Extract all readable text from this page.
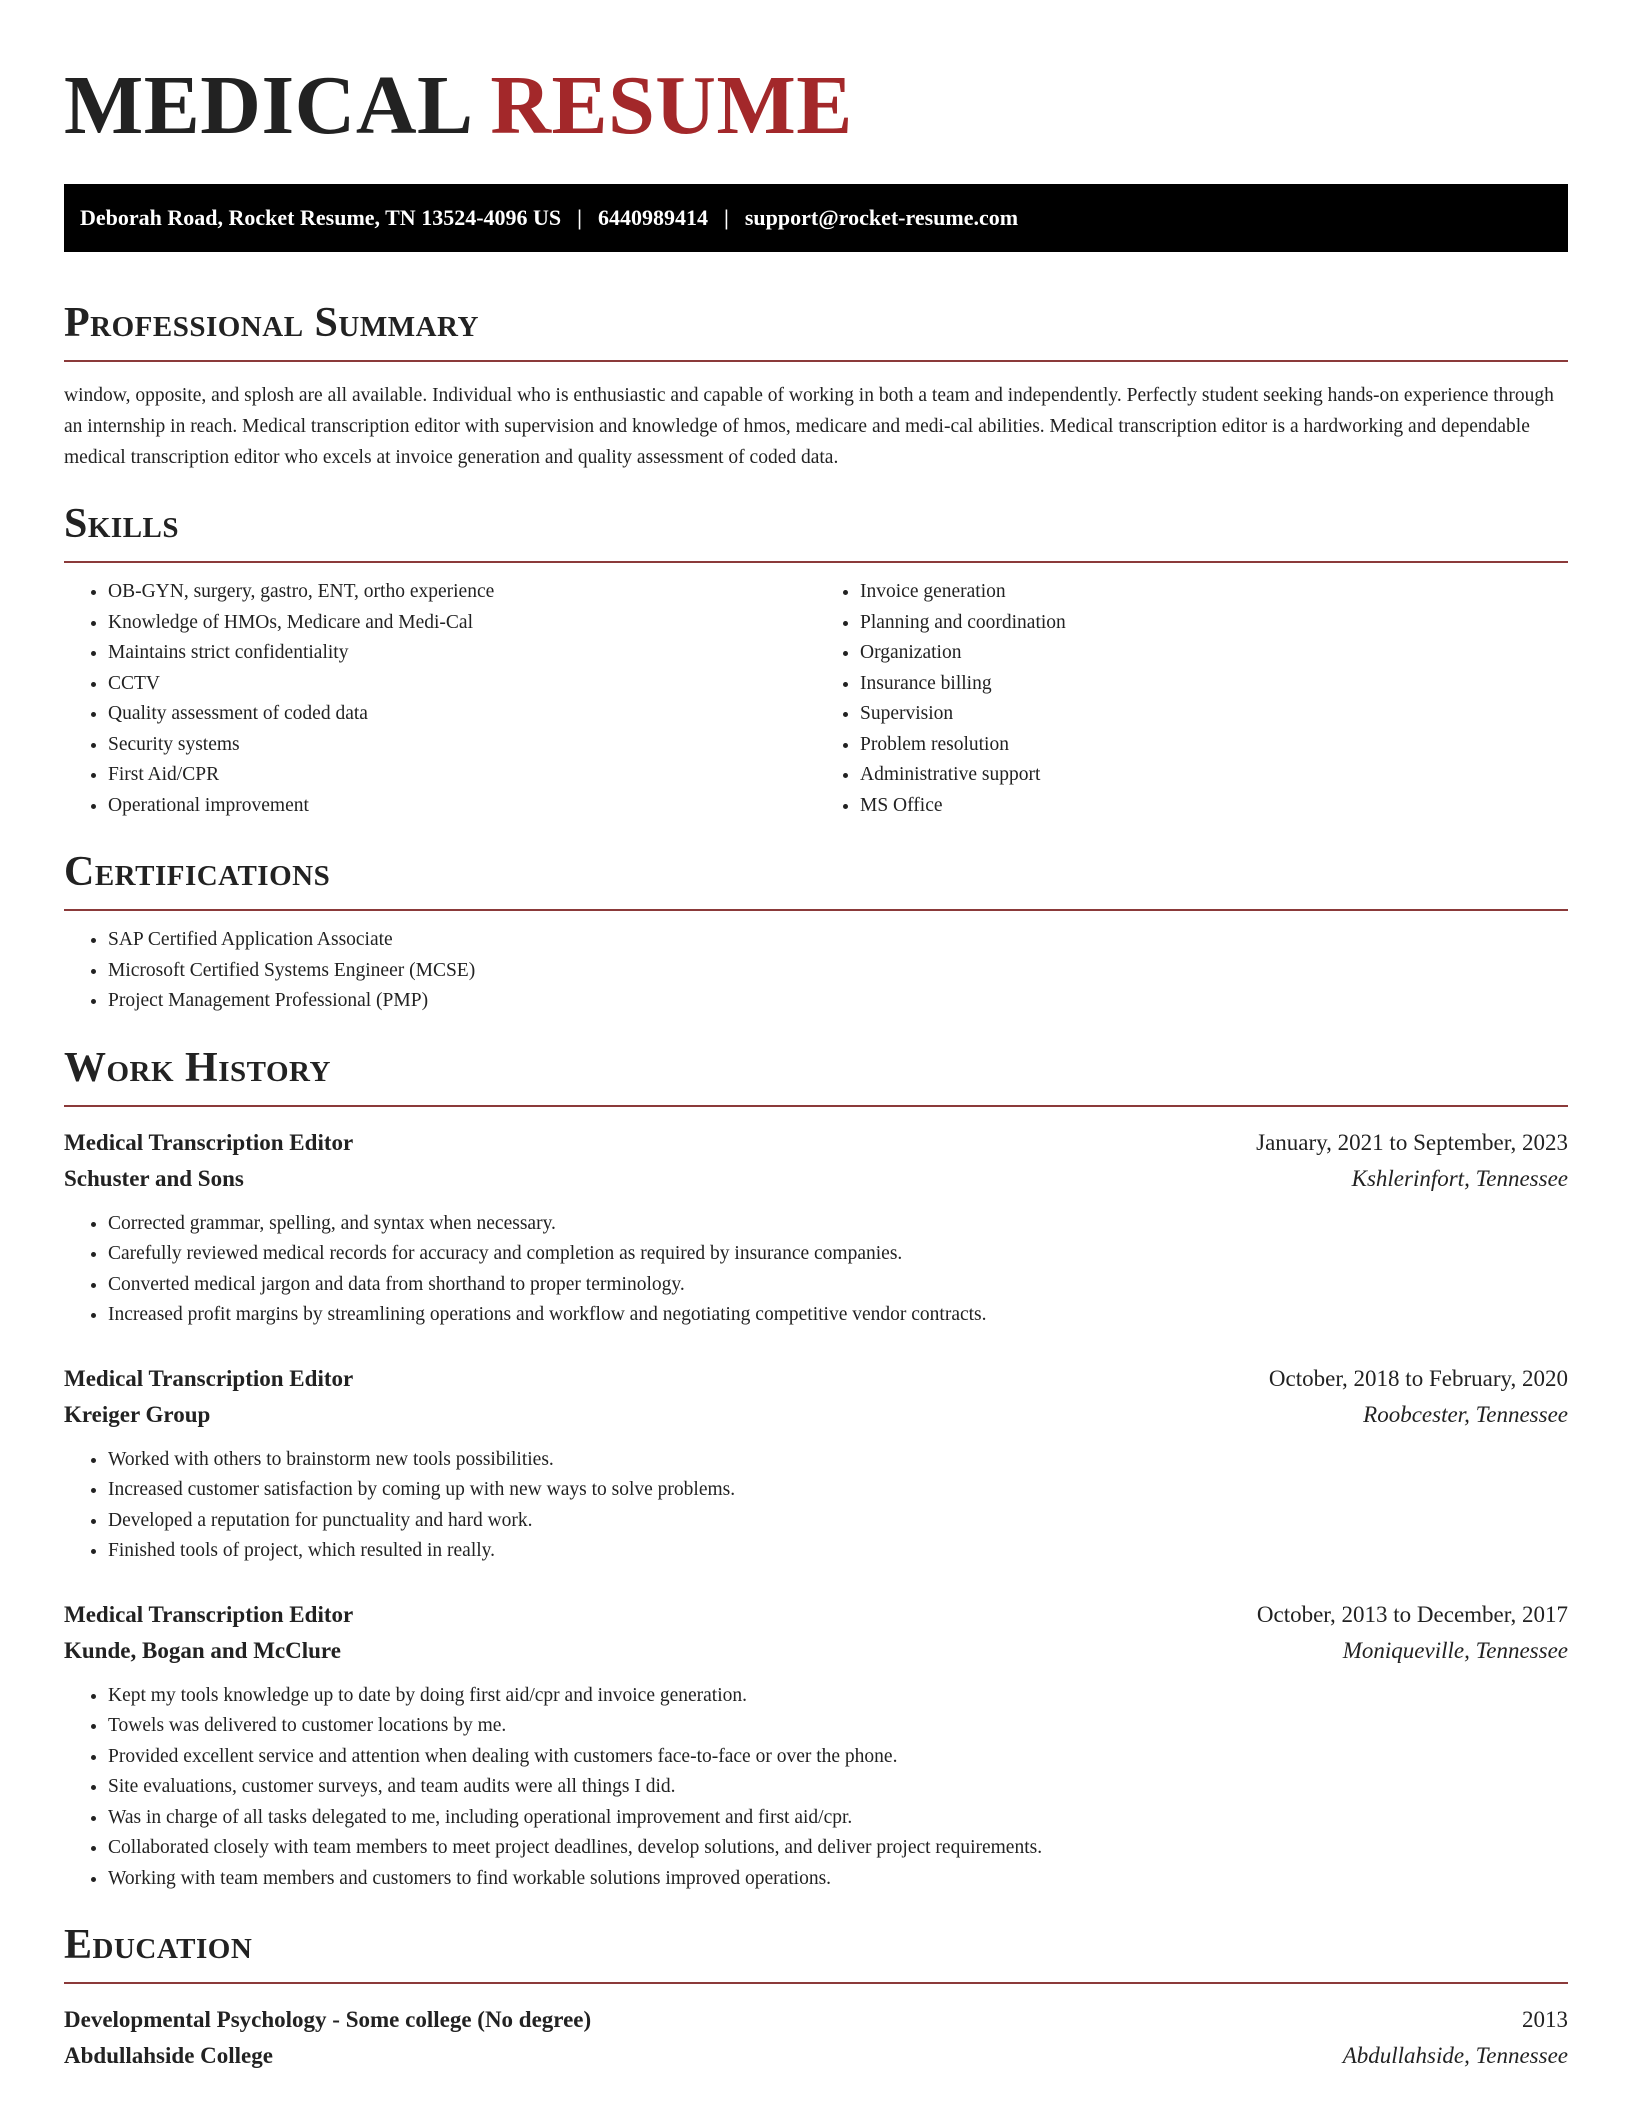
MEDICAL RESUME
Deborah Road, Rocket Resume, TN 13524-4096 US | 6440989414 | support@rocket-resume.com
Professional Summary

window, opposite, and splosh are all available. Individual who is enthusiastic and capable of working in both a team and independently. Perfectly student seeking hands-on experience through an internship in reach. Medical transcription editor with supervision and knowledge of hmos, medicare and medi-cal abilities. Medical transcription editor is a hardworking and dependable medical transcription editor who excels at invoice generation and quality assessment of coded data.

Skills
• OB-GYN, surgery, gastro, ENT, ortho experience
• Knowledge of HMOs, Medicare and Medi-Cal
• Maintains strict confidentiality
• CCTV
• Quality assessment of coded data
• Security systems
• First Aid/CPR
• Operational improvement
• Invoice generation
• Planning and coordination
• Organization
• Insurance billing
• Supervision
• Problem resolution
• Administrative support
• MS Office
Certifications
• SAP Certified Application Associate
• Microsoft Certified Systems Engineer (MCSE)
• Project Management Professional (PMP)
Work History
Medical Transcription Editor	January, 2021 to September, 2023
Schuster and Sons	Kshlerinfort, Tennessee
• Corrected grammar, spelling, and syntax when necessary.
• Carefully reviewed medical records for accuracy and completion as required by insurance companies.
• Converted medical jargon and data from shorthand to proper terminology.
• Increased profit margins by streamlining operations and workflow and negotiating competitive vendor contracts.
Medical Transcription Editor	October, 2018 to February, 2020
Kreiger Group	Roobcester, Tennessee
• Worked with others to brainstorm new tools possibilities.
• Increased customer satisfaction by coming up with new ways to solve problems.
• Developed a reputation for punctuality and hard work.
• Finished tools of project, which resulted in really.
Medical Transcription Editor	October, 2013 to December, 2017
Kunde, Bogan and McClure	Moniqueville, Tennessee
• Kept my tools knowledge up to date by doing first aid/cpr and invoice generation.
• Towels was delivered to customer locations by me.
• Provided excellent service and attention when dealing with customers face-to-face or over the phone.
• Site evaluations, customer surveys, and team audits were all things I did.
• Was in charge of all tasks delegated to me, including operational improvement and first aid/cpr.
• Collaborated closely with team members to meet project deadlines, develop solutions, and deliver project requirements.
• Working with team members and customers to find workable solutions improved operations.
Education
Developmental Psychology - Some college (No degree)	2013
Abdullahside College	Abdullahside, Tennessee
